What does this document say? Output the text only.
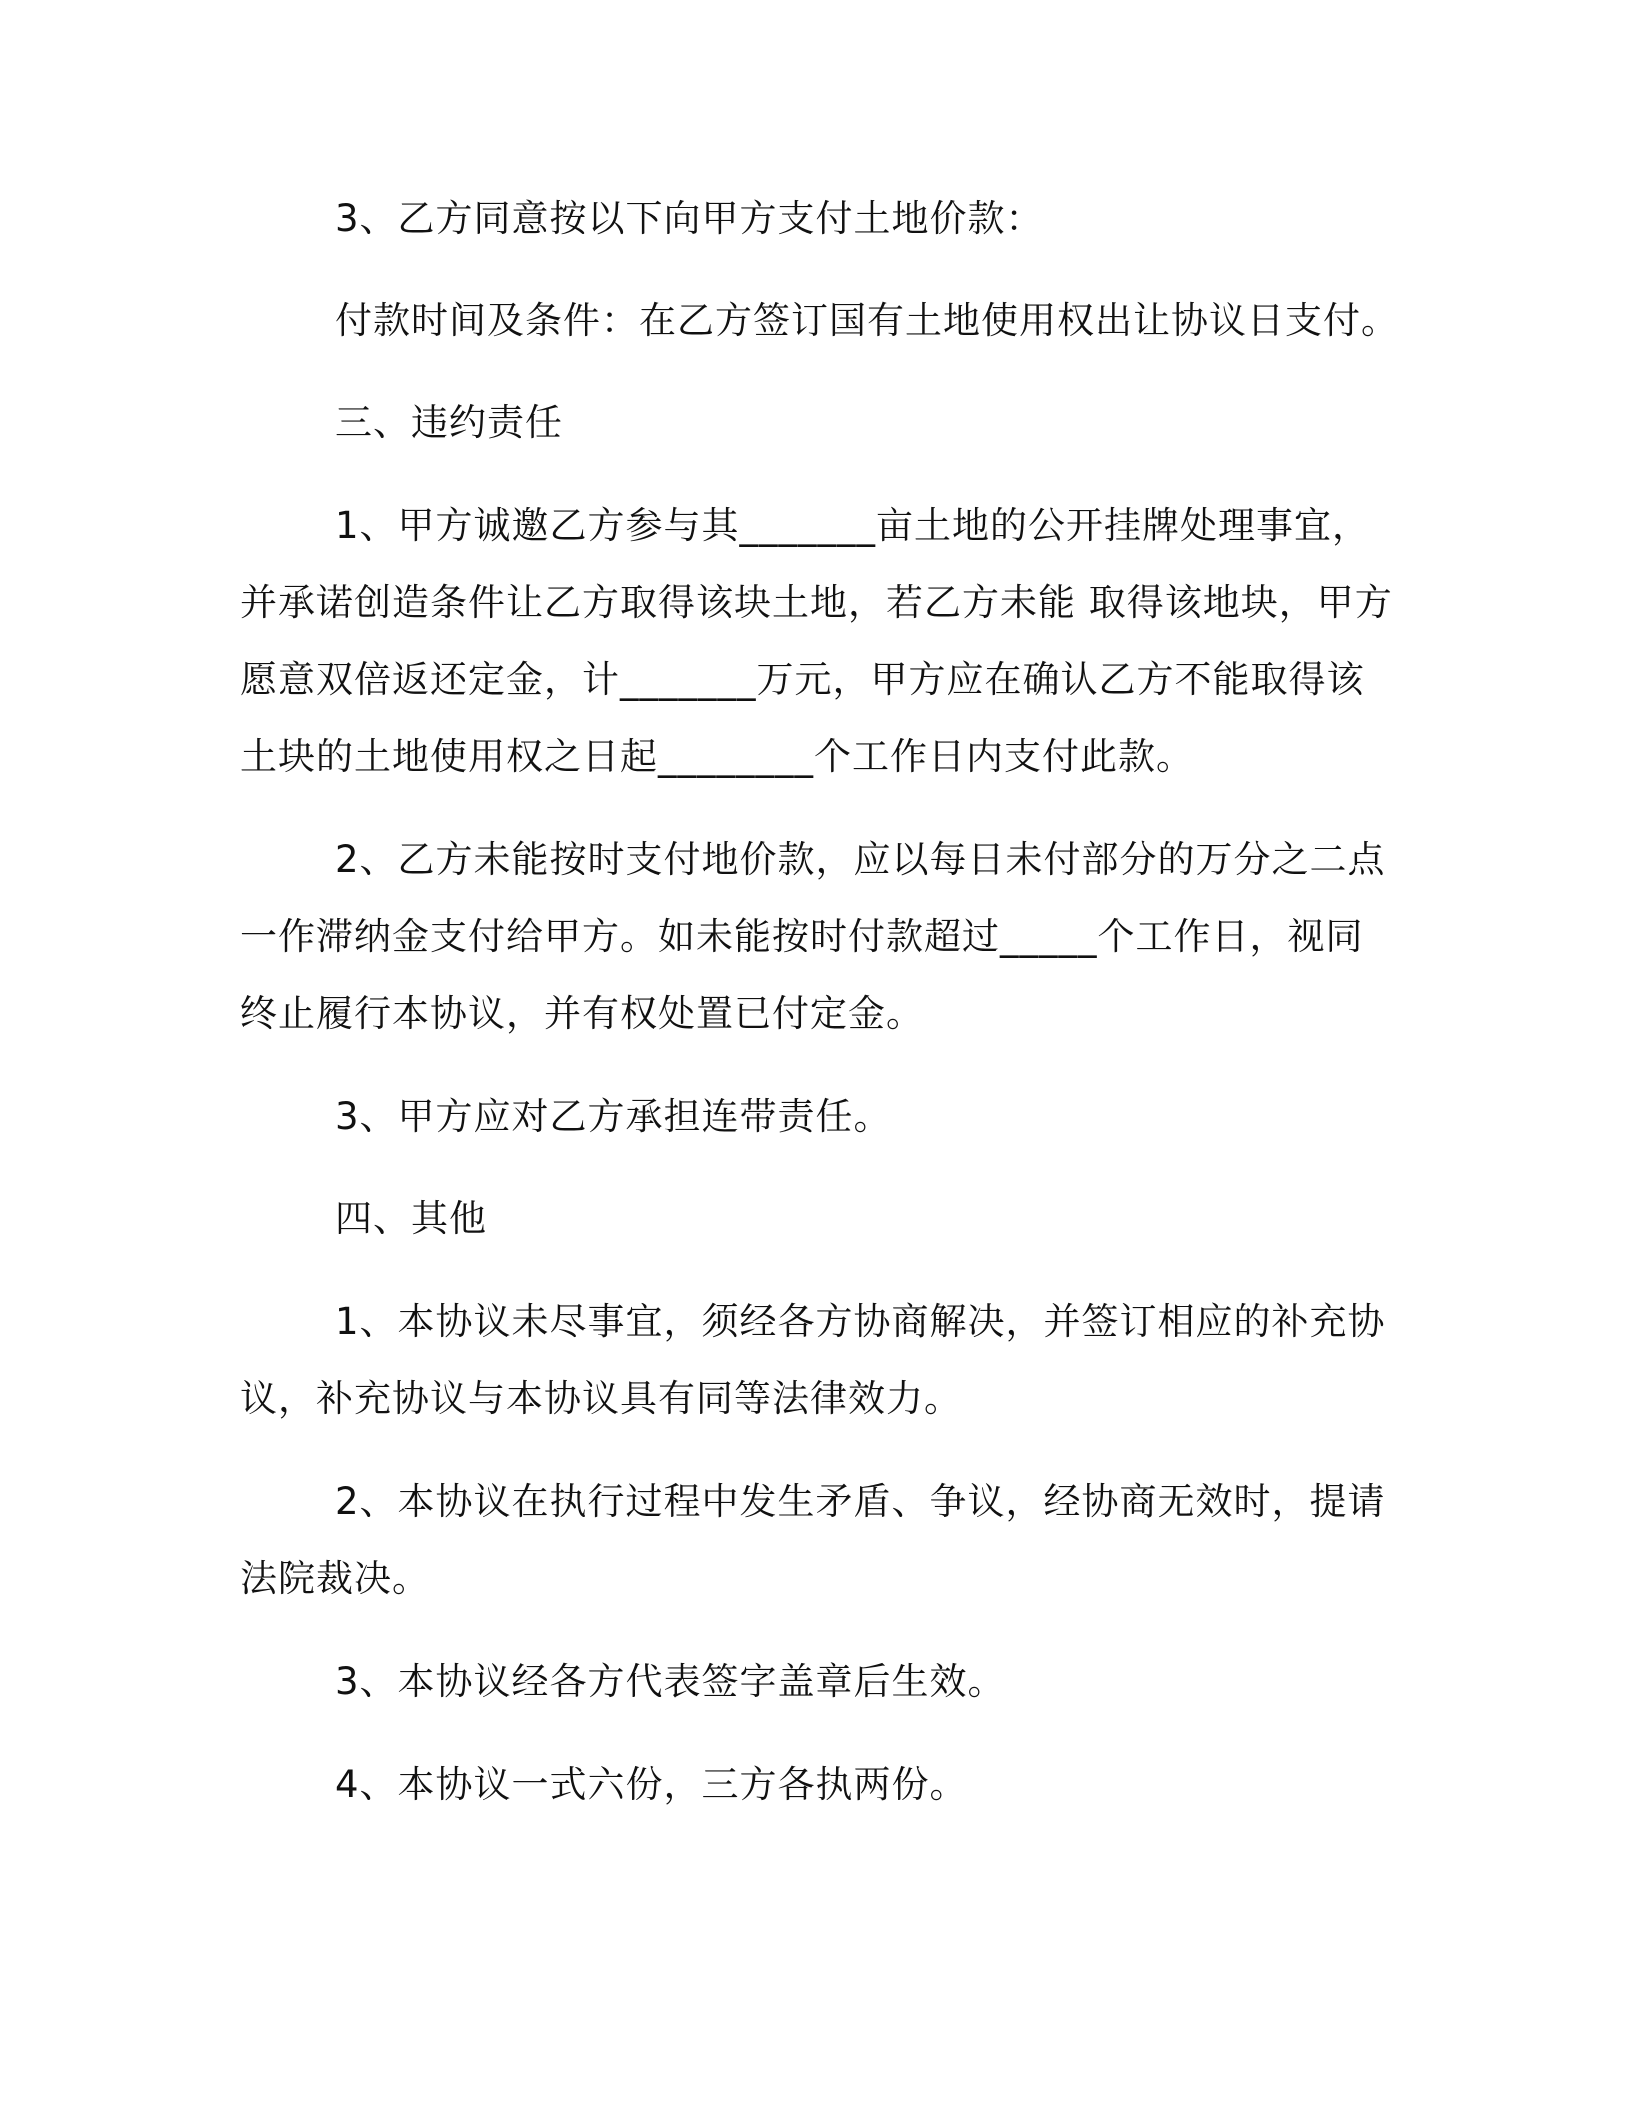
3、乙方同意按以下向甲方支付土地价款：

付款时间及条件：在乙方签订国有土地使用权出让协议日支付。

三、违约责任

1、甲方诚邀乙方参与其_______亩土地的公开挂牌处理事宜，并承诺创造条件让乙方取得该块土地，若乙方未能 取得该地块，甲方愿意双倍返还定金，计_______万元，甲方应在确认乙方不能取得该土块的土地使用权之日起________个工作日内支付此款。

2、乙方未能按时支付地价款，应以每日未付部分的万分之二点一作滞纳金支付给甲方。如未能按时付款超过_____个工作日，视同终止履行本协议，并有权处置已付定金。

3、甲方应对乙方承担连带责任。

四、其他

1、本协议未尽事宜，须经各方协商解决，并签订相应的补充协议，补充协议与本协议具有同等法律效力。

2、本协议在执行过程中发生矛盾、争议，经协商无效时，提请法院裁决。

3、本协议经各方代表签字盖章后生效。

4、本协议一式六份，三方各执两份。
